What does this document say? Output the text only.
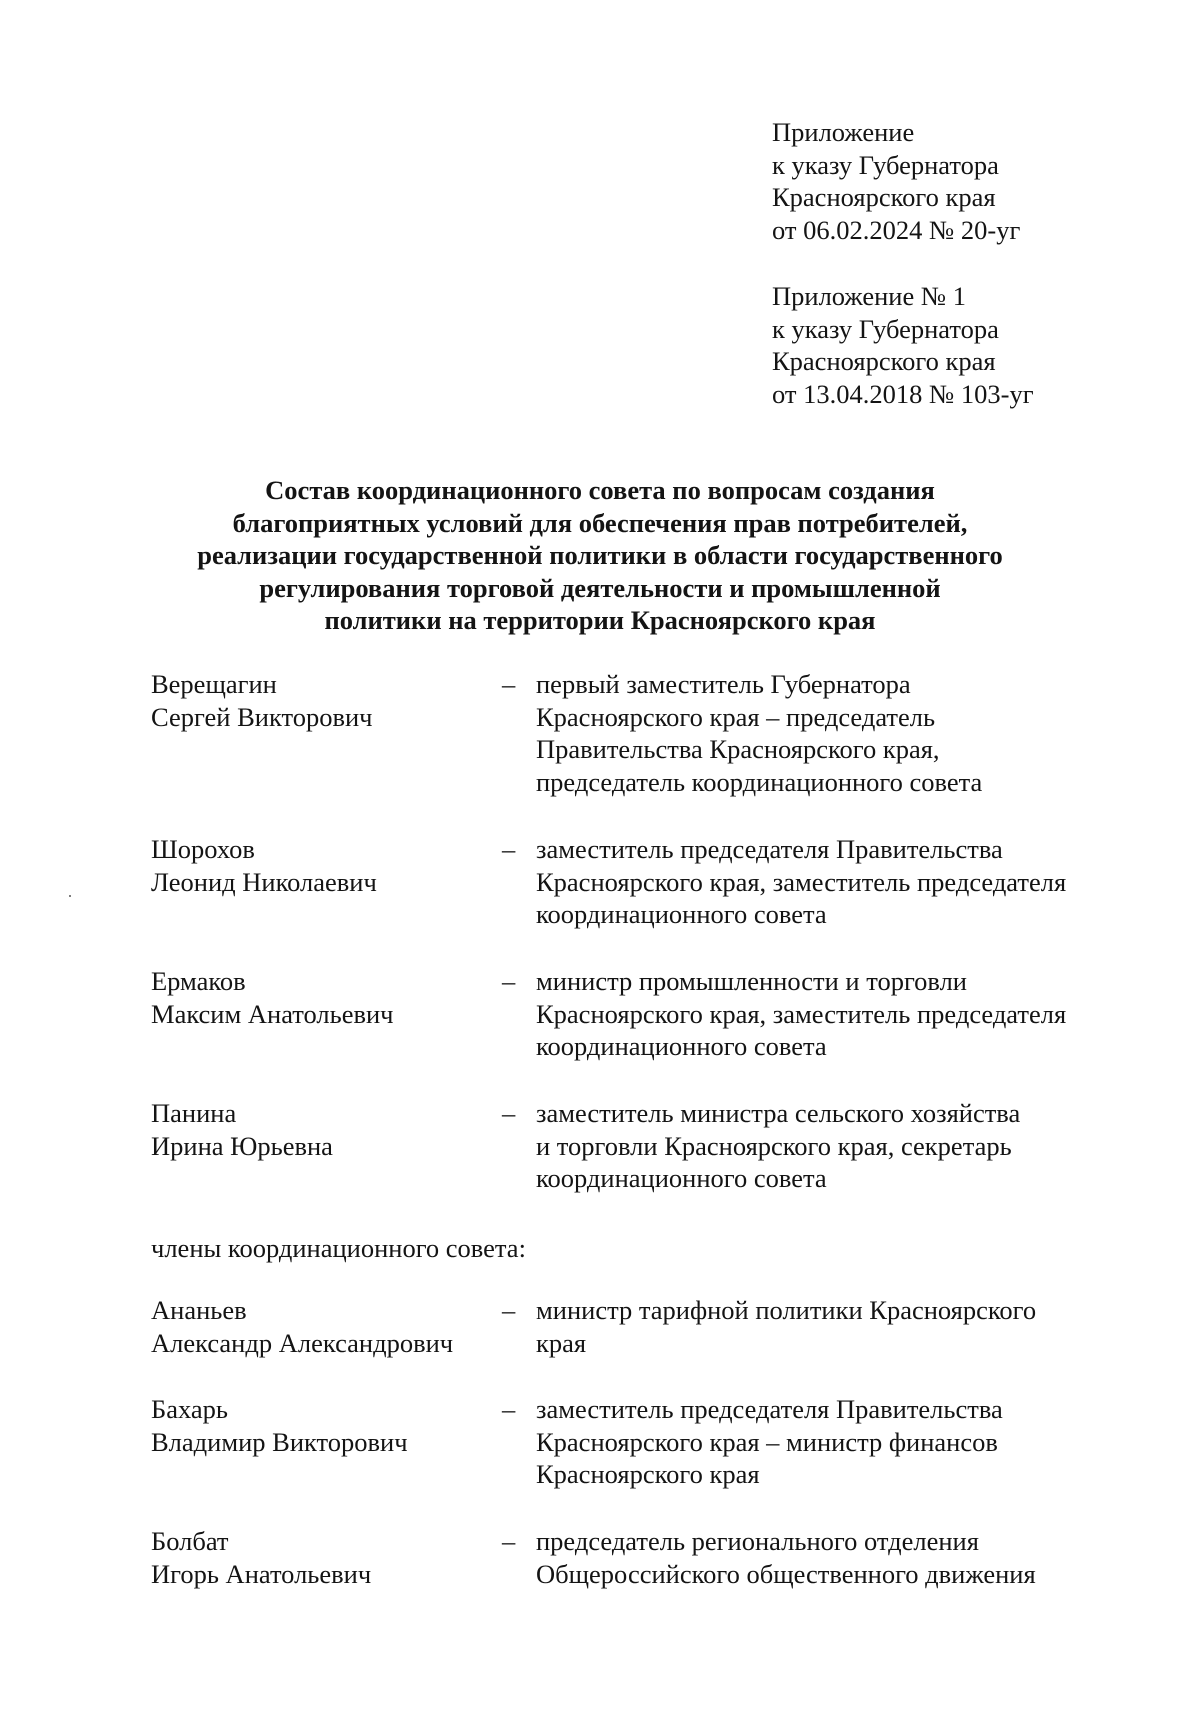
Приложение
к указу Губернатора
Красноярского края
от 06.02.2024 № 20-уг
Приложение № 1
к указу Губернатора
Красноярского края
от 13.04.2018 № 103-уг
Состав координационного совета по вопросам создания
благоприятных условий для обеспечения прав потребителей,
реализации государственной политики в области государственного
регулирования торговой деятельности и промышленной
политики на территории Красноярского края
Верещагин
Сергей Викторович
– первый заместитель Губернатора
Красноярского края – председатель
Правительства Красноярского края,
председатель координационного совета
Шорохов
Леонид Николаевич
– заместитель председателя Правительства
Красноярского края, заместитель председателя
координационного совета
Ермаков
Максим Анатольевич
– министр промышленности и торговли
Красноярского края, заместитель председателя
координационного совета
Панина
Ирина Юрьевна
– заместитель министра сельского хозяйства
и торговли Красноярского края, секретарь
координационного совета
члены координационного совета:
Ананьев
Александр Александрович
– министр тарифной политики Красноярского
края
Бахарь
Владимир Викторович
– заместитель председателя Правительства
Красноярского края – министр финансов
Красноярского края
Болбат
Игорь Анатольевич
– председатель регионального отделения
Общероссийского общественного движения
